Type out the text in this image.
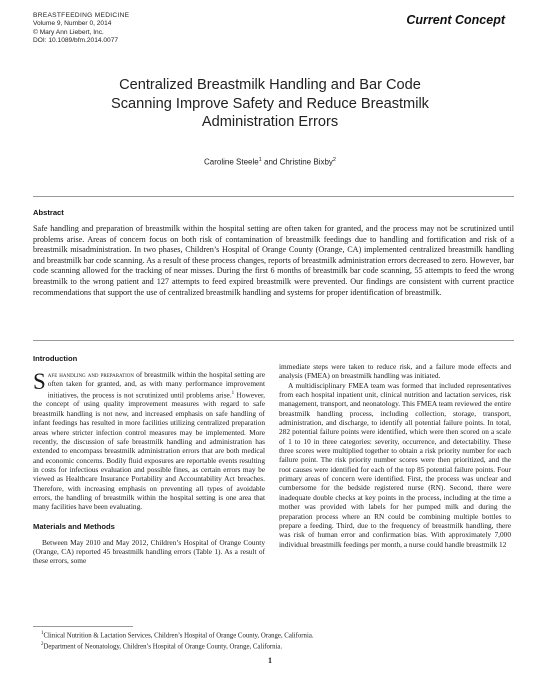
BREASTFEEDING MEDICINE
Volume 9, Number 0, 2014
© Mary Ann Liebert, Inc.
DOI: 10.1089/bfm.2014.0077
Current Concept
Centralized Breastmilk Handling and Bar Code
Scanning Improve Safety and Reduce Breastmilk
Administration Errors
Caroline Steele$^1$ and Christine Bixby$^2$
Abstract

Safe handling and preparation of breastmilk within the hospital setting are often taken for granted, and the process may not be scrutinized until problems arise. Areas of concern focus on both risk of contamination of breastmilk feedings due to handling and fortification and risk of a breastmilk misadministration. In two phases, Children’s Hospital of Orange County (Orange, CA) implemented centralized breastmilk handling and breastmilk bar code scanning. As a result of these process changes, reports of breastmilk administration errors decreased to zero. However, bar code scanning allowed for the tracking of near misses. During the first 6 months of breastmilk bar code scanning, 55 attempts to feed the wrong breastmilk to the wrong patient and 127 attempts to feed expired breastmilk were prevented. Our findings are consistent with current practice recommendations that support the use of centralized breastmilk handling and systems for proper identification of breastmilk.

Introduction

Safe handling and preparation of breastmilk within the hospital setting are often taken for granted, and, as with many performance improvement initiatives, the process is not scrutinized until problems arise.$^1$ However, the concept of using quality improvement measures with regard to safe breastmilk handling is not new, and increased emphasis on safe handling of infant feedings has resulted in more facilities utilizing centralized preparation areas where stricter infection control measures may be implemented. More recently, the discussion of safe breastmilk handling and administration has extended to encompass breastmilk administration errors that are both medical and economic concerns. Bodily fluid exposures are reportable events resulting in costs for infectious evaluation and possible fines, as certain errors may be viewed as Healthcare Insurance Portability and Accountability Act breaches. Therefore, with increasing emphasis on preventing all types of avoidable errors, the handling of breastmilk within the hospital setting is one area that many facilities have been evaluating.

Materials and Methods

Between May 2010 and May 2012, Children’s Hospital of Orange County (Orange, CA) reported 45 breastmilk handling errors (Table 1). As a result of these errors, some

immediate steps were taken to reduce risk, and a failure mode effects and analysis (FMEA) on breastmilk handling was initiated.

A multidisciplinary FMEA team was formed that included representatives from each hospital inpatient unit, clinical nutrition and lactation services, risk management, transport, and neonatology. This FMEA team reviewed the entire breastmilk handling process, including collection, storage, transport, administration, and discharge, to identify all potential failure points. In total, 282 potential failure points were identified, which were then scored on a scale of 1 to 10 in three categories: severity, occurrence, and detectability. These three scores were multiplied together to obtain a risk priority number for each failure point. The risk priority number scores were then prioritized, and the root causes were identified for each of the top 85 potential failure points. Four primary areas of concern were identified. First, the process was unclear and cumbersome for the bedside registered nurse (RN). Second, there were inadequate double checks at key points in the process, including at the time a mother was provided with labels for her pumped milk and during the preparation process where an RN could be combining multiple bottles to prepare a feeding. Third, due to the frequency of breastmilk handling, there was risk of human error and confirmation bias. With approximately 7,000 individual breastmilk feedings per month, a nurse could handle breastmilk 12

$^1$Clinical Nutrition & Lactation Services, Children’s Hospital of Orange County, Orange, California.
$^2$Department of Neonatology, Children’s Hospital of Orange County, Orange, California.
1
